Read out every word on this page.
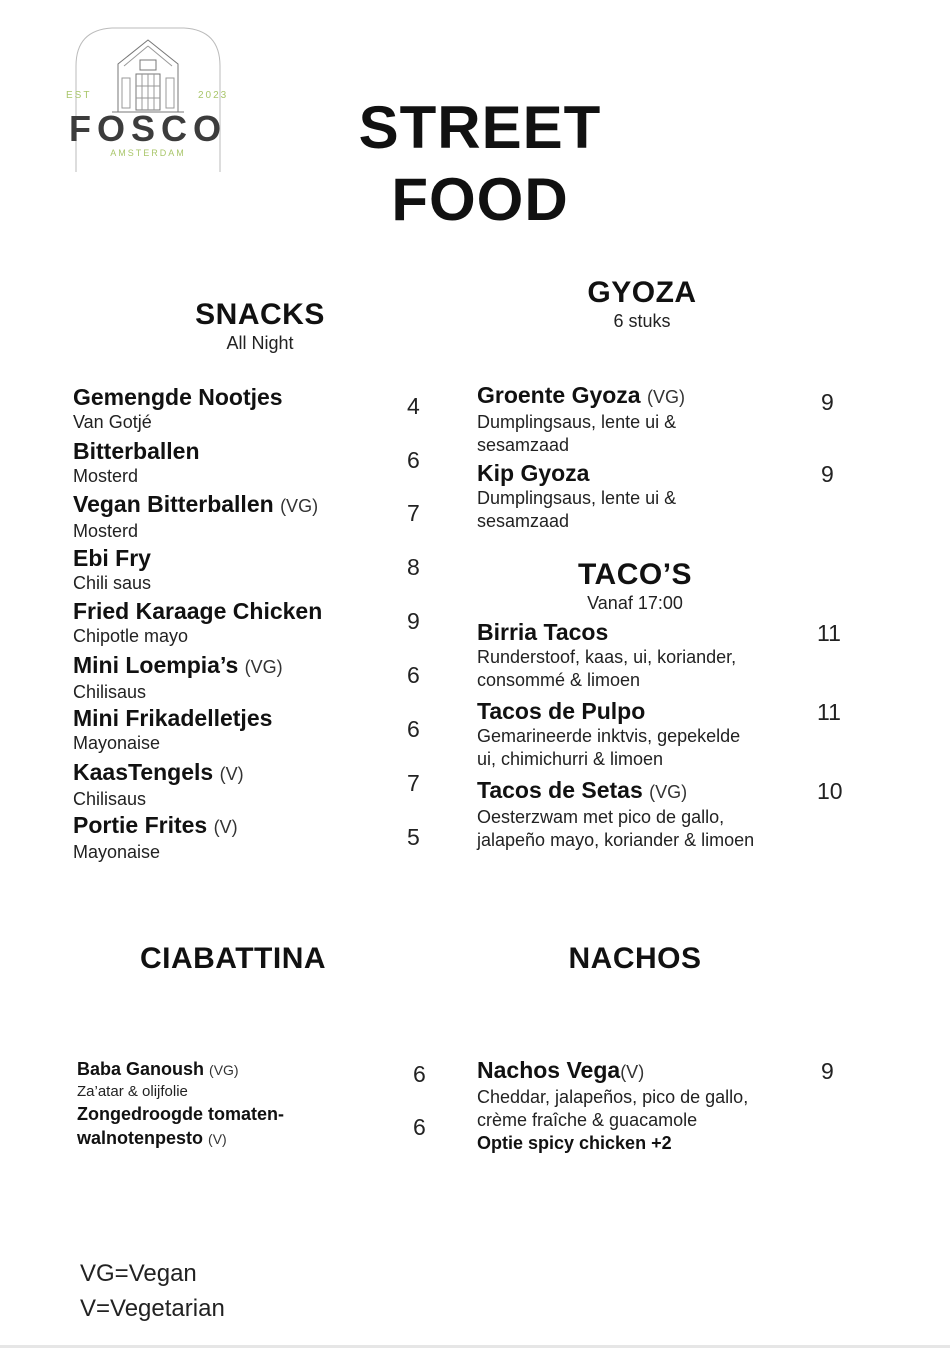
EST	2023
FOSCO
AMSTERDAM	STREET
FOOD
SNACKS
All Night
Gemengde Nootjes
Van Gotjé
4
Bitterballen
Mosterd
6
Vegan Bitterballen (VG)
Mosterd
7
Ebi Fry
Chili saus
8
Fried Karaage Chicken
Chipotle mayo
9
Mini Loempia’s (VG)
Chilisaus
6
Mini Frikadelletjes
Mayonaise
6
KaasTengels (V)
Chilisaus
7
Portie Frites (V)
Mayonaise
5
GYOZA
6 stuks
Groente Gyoza (VG)
Dumplingsaus, lente ui &
sesamzaad
9
Kip Gyoza
Dumplingsaus, lente ui &
sesamzaad
9
TACO’S
Vanaf 17:00
Birria Tacos
Runderstoof, kaas, ui, koriander,
consommé & limoen
11
Tacos de Pulpo
Gemarineerde inktvis, gepekelde
ui, chimichurri & limoen
11
Tacos de Setas (VG)
Oesterzwam met pico de gallo,
jalapeño mayo, koriander & limoen
10
CIABATTINA
Baba Ganoush (VG)
Za’atar & olijfolie
6
Zongedroogde tomaten-
walnotenpesto (V)	6
NACHOS
Nachos Vega(V)
Cheddar, jalapeños, pico de gallo,
crème fraîche & guacamole
Optie spicy chicken +2
9
VG=Vegan
V=Vegetarian
